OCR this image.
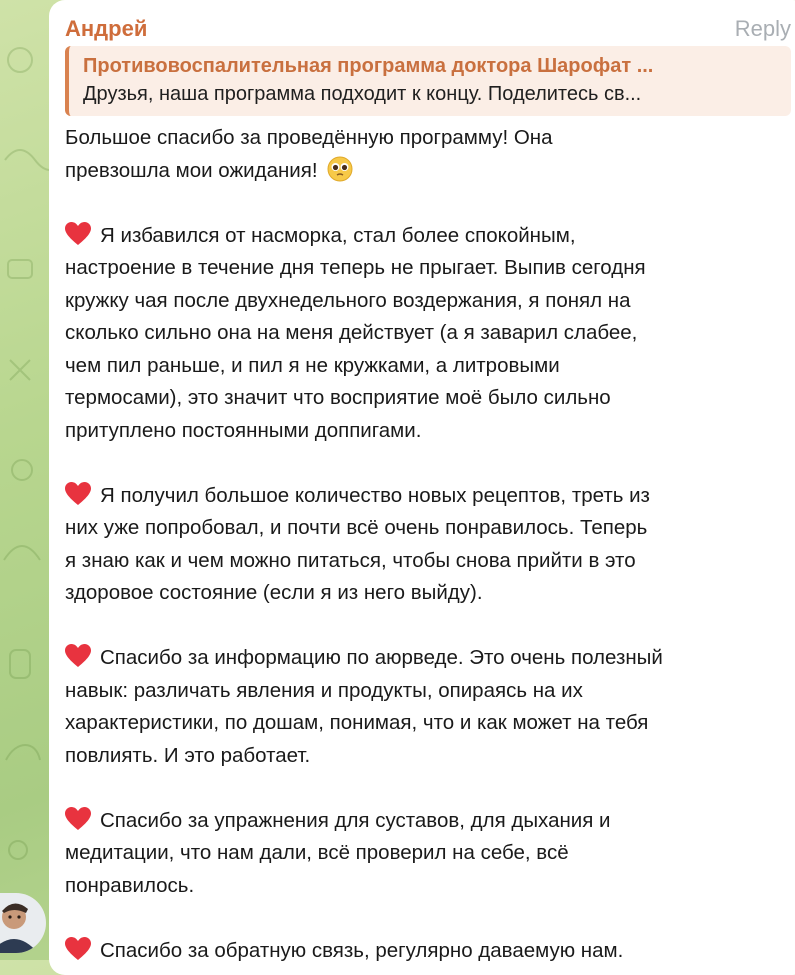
Андрей	Reply
Противовоспалительная программа доктора Шарофат ...
Друзья, наша программа подходит к концу. Поделитесь св...

Большое спасибо за проведённую программу! Она
превзошла мои ожидания!

Я избавился от насморка, стал более спокойным,
настроение в течение дня теперь не прыгает. Выпив сегодня
кружку чая после двухнедельного воздержания, я понял на
сколько сильно она на меня действует (а я заварил слабее,
чем пил раньше, и пил я не кружками, а литровыми
термосами), это значит что восприятие моё было сильно
притуплено постоянными доппигами.

Я получил большое количество новых рецептов, треть из
них уже попробовал, и почти всё очень понравилось. Теперь
я знаю как и чем можно питаться, чтобы снова прийти в это
здоровое состояние (если я из него выйду).

Спасибо за информацию по аюрведе. Это очень полезный
навык: различать явления и продукты, опираясь на их
характеристики, по дошам, понимая, что и как может на тебя
повлиять. И это работает.

Спасибо за упражнения для суставов, для дыхания и
медитации, что нам дали, всё проверил на себе, всё
понравилось.

Спасибо за обратную связь, регулярно даваемую нам.
